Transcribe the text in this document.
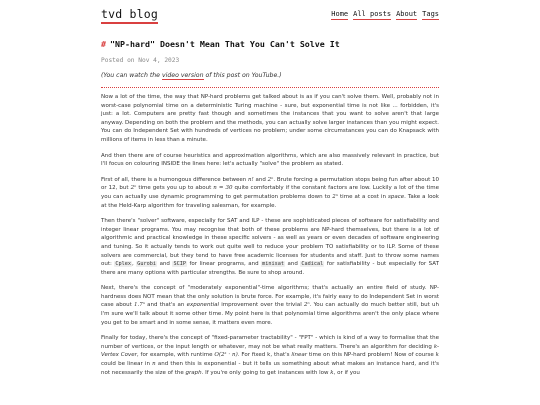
tvd blog	Home All posts About Tags
# "NP-hard" Doesn't Mean That You Can't Solve It
Posted on Nov 4, 2023
(You can watch the video version of this post on YouTube.)

Now a lot of the time, the way that NP-hard problems get talked about is as if you can't solve them. Well, probably not in worst-case polynomial time on a deterministic Turing machine - sure, but exponential time is not like ... forbidden, it's just: a lot. Computers are pretty fast though and sometimes the instances that you want to solve aren't that large anyway. Depending on both the problem and the methods, you can actually solve larger instances than you might expect. You can do Independent Set with hundreds of vertices no problem; under some circumstances you can do Knapsack with millions of items in less than a minute.

And then there are of course heuristics and approximation algorithms, which are also massively relevant in practice, but I'll focus on colouring INSIDE the lines here: let's actually "solve" the problem as stated.

First of all, there is a humongous difference between n! and 2ⁿ. Brute forcing a permutation stops being fun after about 10 or 12, but 2ⁿ time gets you up to about n = 30 quite comfortably if the constant factors are low. Luckily a lot of the time you can actually use dynamic programming to get permutation problems down to 2ⁿ time at a cost in space. Take a look at the Held-Karp algorithm for traveling salesman, for example.

Then there's "solver" software, especially for SAT and ILP - these are sophisticated pieces of software for satisfiability and integer linear programs. You may recognise that both of these problems are NP-hard themselves, but there is a lot of algorithmic and practical knowledge in these specific solvers - as well as years or even decades of software engineering and tuning. So it actually tends to work out quite well to reduce your problem TO satisfiability or to ILP. Some of these solvers are commercial, but they tend to have free academic licenses for students and staff. Just to throw some names out: Cplex, Gurobi and SCIP for linear programs, and minisat and Cadical for satisfiability - but especially for SAT there are many options with particular strengths. Be sure to shop around.

Next, there's the concept of "moderately exponential"-time algorithms; that's actually an entire field of study. NP-hardness does NOT mean that the only solution is brute force. For example, it's fairly easy to do Independent Set in worst case about 1.7ⁿ and that's an exponential improvement over the trivial 2ⁿ. You can actually do much better still, but uh I'm sure we'll talk about it some other time. My point here is that polynomial time algorithms aren't the only place where you get to be smart and in some sense, it matters even more.

Finally for today, there's the concept of "fixed-parameter tractability" - "FPT" - which is kind of a way to formalise that the number of vertices, or the input length or whatever, may not be what really matters. There's an algorithm for deciding k-Vertex Cover, for example, with runtime O(2ᵏ · n). For fixed k, that's linear time on this NP-hard problem! Now of course k could be linear in n and then this is exponential - but it tells us something about what makes an instance hard, and it's not necessarily the size of the graph. If you're only going to get instances with low k, or if you
